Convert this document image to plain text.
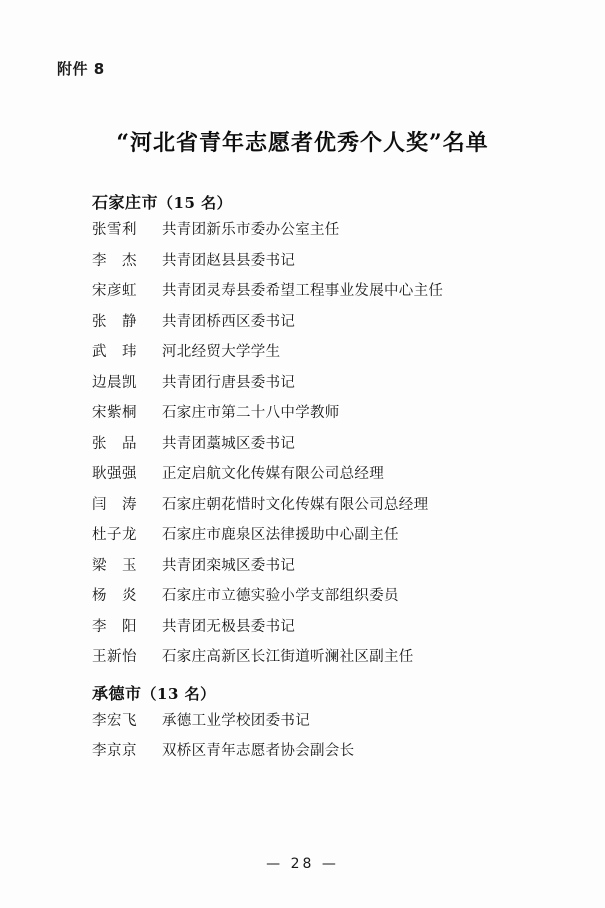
附件 8
“河北省青年志愿者优秀个人奖”名单
石家庄市（15 名）
张雪利 共青团新乐市委办公室主任
李　杰 共青团赵县县委书记
宋彦虹 共青团灵寿县委希望工程事业发展中心主任
张　静 共青团桥西区委书记
武　玮 河北经贸大学学生
边晨凯 共青团行唐县委书记
宋紫桐 石家庄市第二十八中学教师
张　品 共青团藁城区委书记
耿强强 正定启航文化传媒有限公司总经理
闫　涛 石家庄朝花惜时文化传媒有限公司总经理
杜子龙 石家庄市鹿泉区法律援助中心副主任
梁　玉 共青团栾城区委书记
杨　炎 石家庄市立德实验小学支部组织委员
李　阳 共青团无极县委书记
王新怡 石家庄高新区长江街道听澜社区副主任
承德市（13 名）
李宏飞 承德工业学校团委书记
李京京 双桥区青年志愿者协会副会长
— 28 —
